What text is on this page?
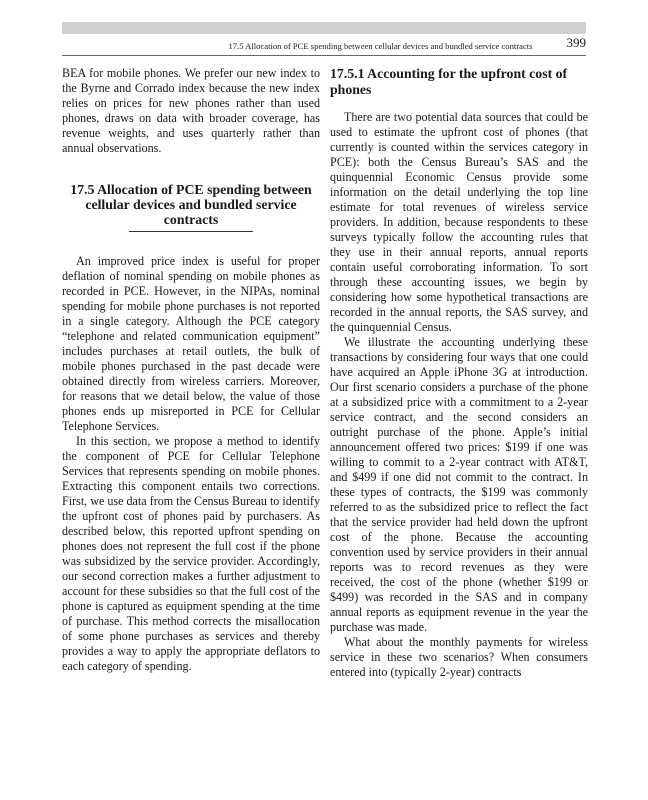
17.5 Allocation of PCE spending between cellular devices and bundled service contracts	399

BEA for mobile phones. We prefer our new index to the Byrne and Corrado index because the new index relies on prices for new phones rather than used phones, draws on data with broader coverage, has revenue weights, and uses quarterly rather than annual observations.

17.5 Allocation of PCE spending between cellular devices and bundled service contracts

An improved price index is useful for proper deflation of nominal spending on mobile phones as recorded in PCE. However, in the NIPAs, nominal spending for mobile phone purchases is not reported in a single category. Although the PCE category “telephone and related communication equipment” includes purchases at retail outlets, the bulk of mobile phones purchased in the past decade were obtained directly from wireless carriers. Moreover, for reasons that we detail below, the value of those phones ends up misreported in PCE for Cellular Telephone Services.

In this section, we propose a method to identify the component of PCE for Cellular Telephone Services that represents spending on mobile phones. Extracting this component entails two corrections. First, we use data from the Census Bureau to identify the upfront cost of phones paid by purchasers. As described below, this reported upfront spending on phones does not represent the full cost if the phone was subsidized by the service provider. Accordingly, our second correction makes a further adjustment to account for these subsidies so that the full cost of the phone is captured as equipment spending at the time of purchase. This method corrects the misallocation of some phone purchases as services and thereby provides a way to apply the appropriate deflators to each category of spending.

17.5.1 Accounting for the upfront cost of phones

There are two potential data sources that could be used to estimate the upfront cost of phones (that currently is counted within the services category in PCE): both the Census Bureau’s SAS and the quinquennial Economic Census provide some information on the detail underlying the top line estimate for total revenues of wireless service providers. In addition, because respondents to these surveys typically follow the accounting rules that they use in their annual reports, annual reports contain useful corroborating information. To sort through these accounting issues, we begin by considering how some hypothetical transactions are recorded in the annual reports, the SAS survey, and the quinquennial Census.

We illustrate the accounting underlying these transactions by considering four ways that one could have acquired an Apple iPhone 3G at introduction. Our first scenario considers a purchase of the phone at a subsidized price with a commitment to a 2-year service contract, and the second considers an outright purchase of the phone. Apple’s initial announcement offered two prices: $199 if one was willing to commit to a 2-year contract with AT&T, and $499 if one did not commit to the contract. In these types of contracts, the $199 was commonly referred to as the subsidized price to reflect the fact that the service provider had held down the upfront cost of the phone. Because the accounting convention used by service providers in their annual reports was to record revenues as they were received, the cost of the phone (whether $199 or $499) was recorded in the SAS and in company annual reports as equipment revenue in the year the purchase was made.

What about the monthly payments for wireless service in these two scenarios? When consumers entered into (typically 2-year) contracts
